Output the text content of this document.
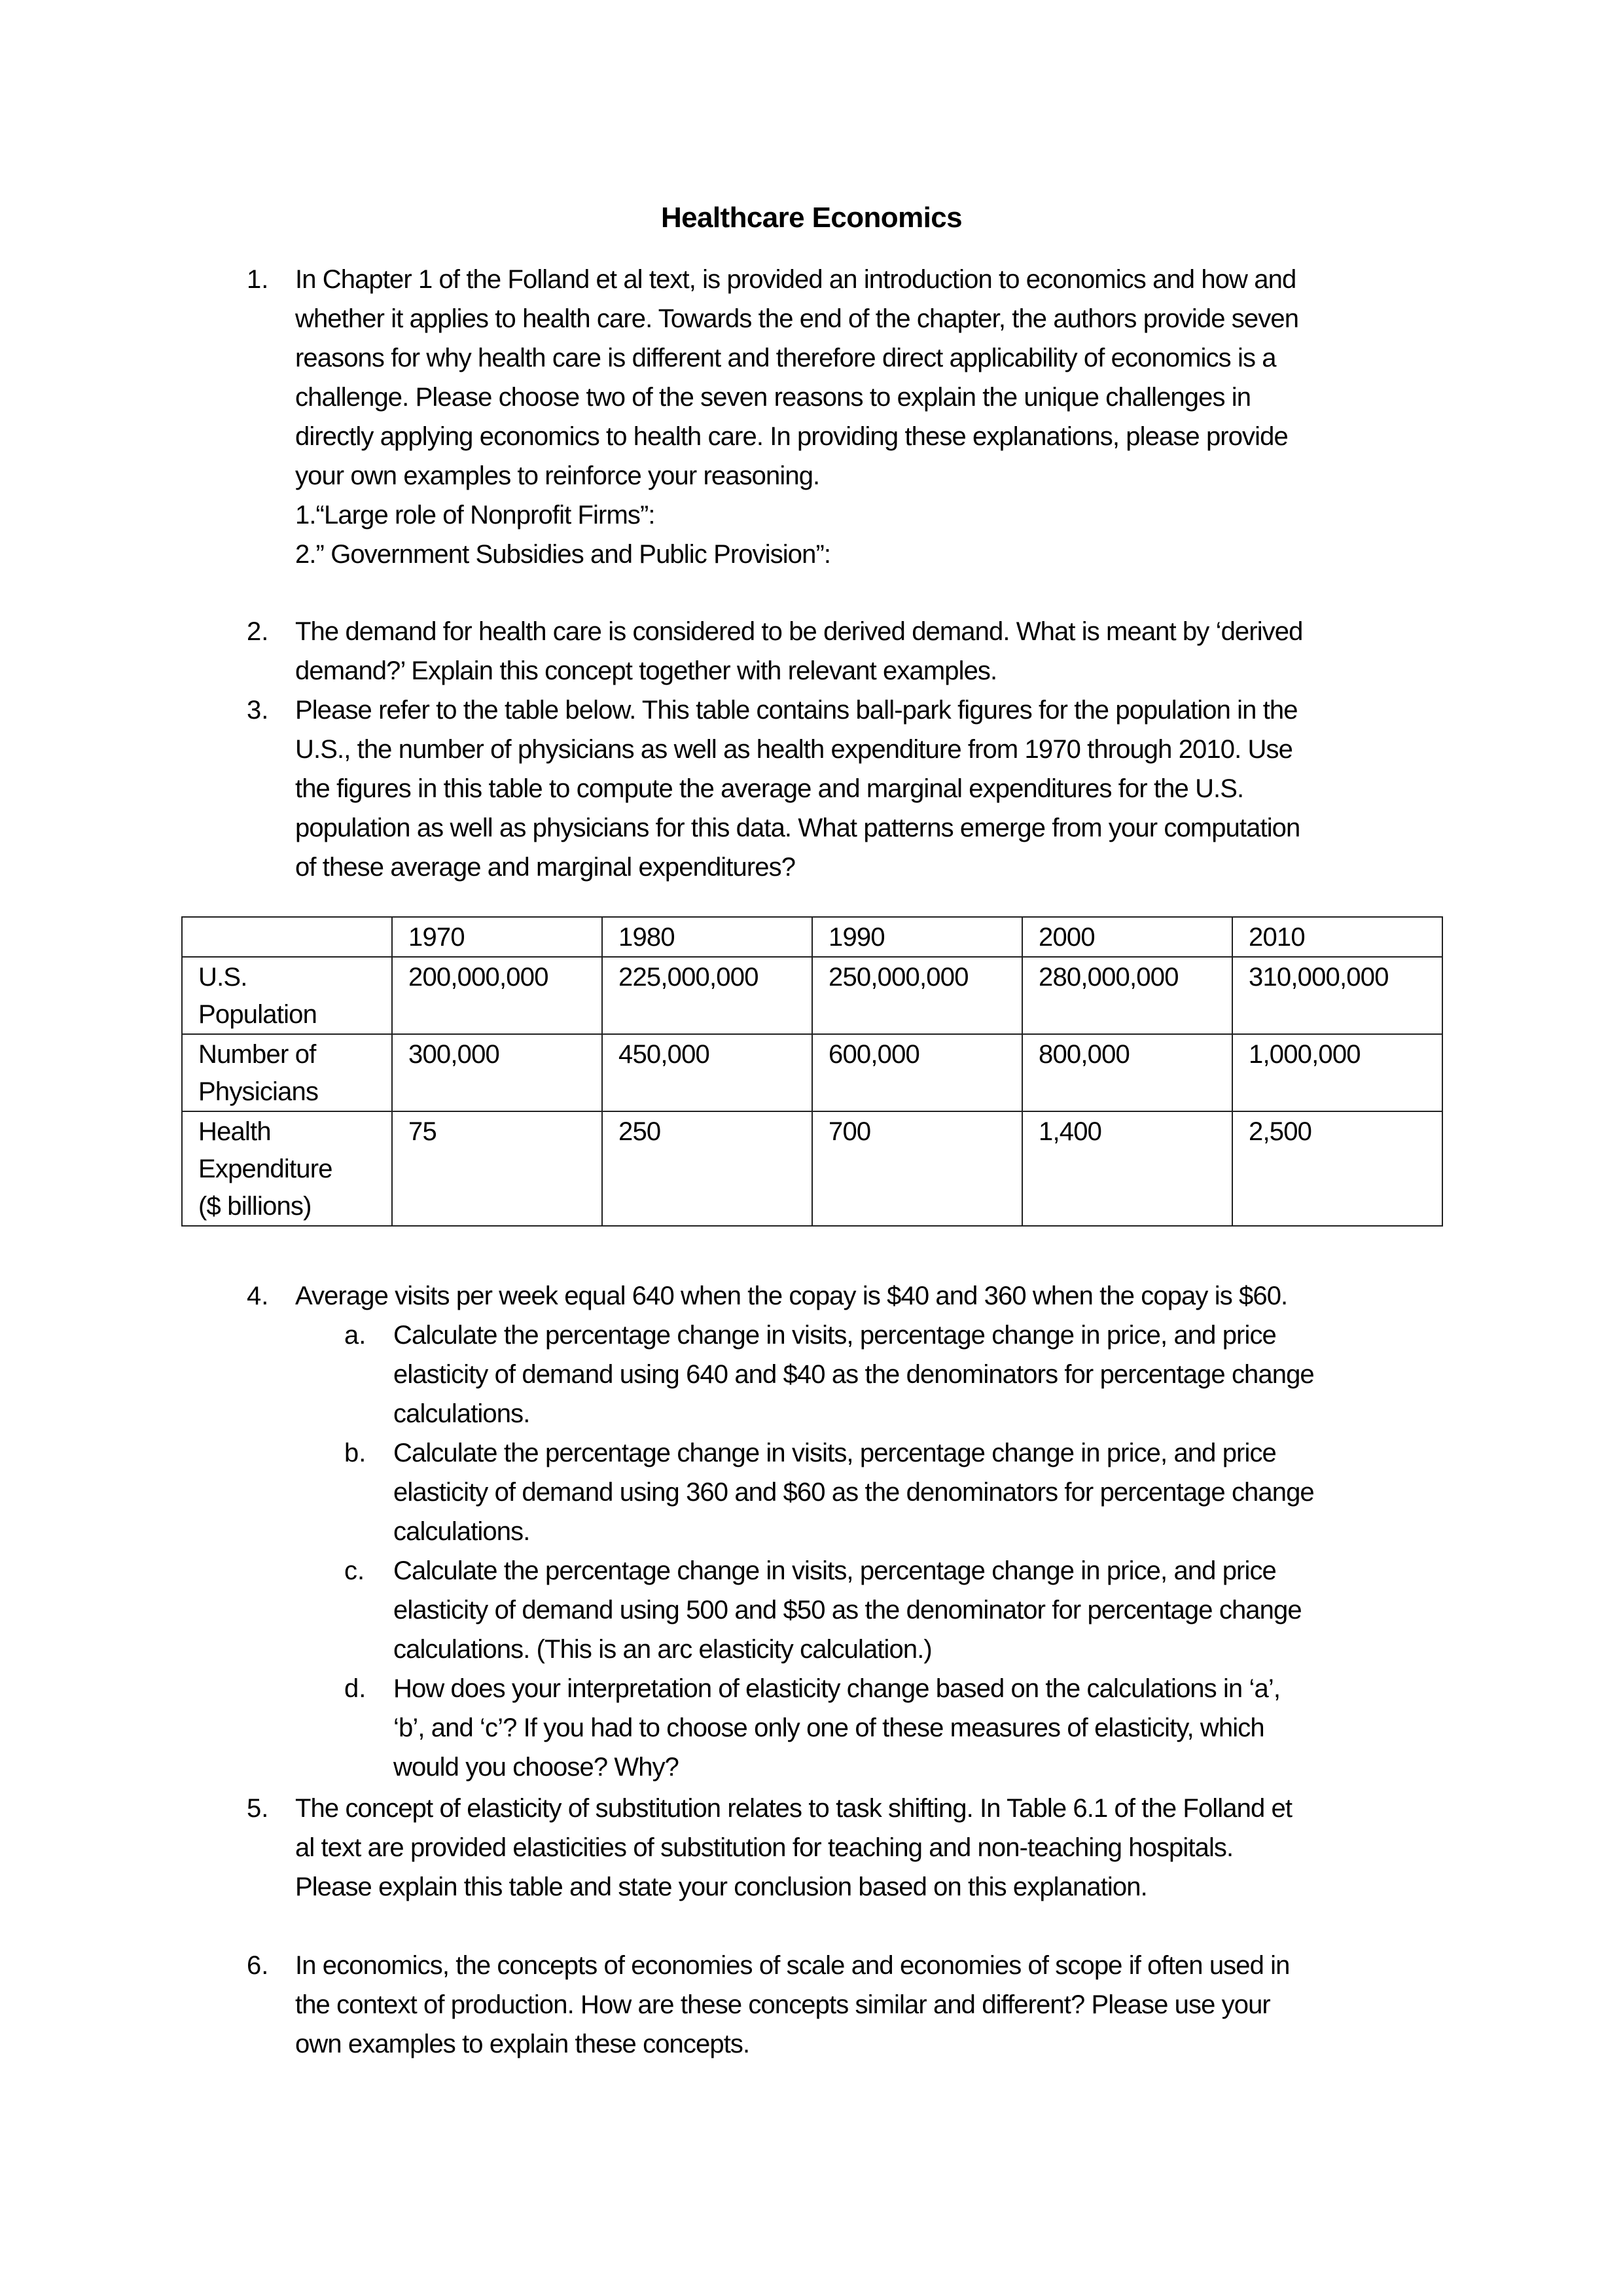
Healthcare Economics
1. In Chapter 1 of the Folland et al text, is provided an introduction to economics and how and
whether it applies to health care. Towards the end of the chapter, the authors provide seven
reasons for why health care is different and therefore direct applicability of economics is a
challenge. Please choose two of the seven reasons to explain the unique challenges in
directly applying economics to health care. In providing these explanations, please provide
your own examples to reinforce your reasoning.
1.“Large role of Nonprofit Firms”:
2.” Government Subsidies and Public Provision”:
2. The demand for health care is considered to be derived demand. What is meant by ‘derived
demand?’ Explain this concept together with relevant examples.
3. Please refer to the table below. This table contains ball-park figures for the population in the
U.S., the number of physicians as well as health expenditure from 1970 through 2010. Use
the figures in this table to compute the average and marginal expenditures for the U.S.
population as well as physicians for this data. What patterns emerge from your computation
of these average and marginal expenditures?
	1970	1980	1990	2000	2010

U.S.
Population	200,000,000	225,000,000	250,000,000	280,000,000	310,000,000

Number of
Physicians	300,000	450,000	600,000	800,000	1,000,000

Health
Expenditure
($ billions)	75	250	700	1,400	2,500
4. Average visits per week equal 640 when the copay is $40 and 360 when the copay is $60.
a. Calculate the percentage change in visits, percentage change in price, and price
elasticity of demand using 640 and $40 as the denominators for percentage change
calculations.
b. Calculate the percentage change in visits, percentage change in price, and price
elasticity of demand using 360 and $60 as the denominators for percentage change
calculations.
c. Calculate the percentage change in visits, percentage change in price, and price
elasticity of demand using 500 and $50 as the denominator for percentage change
calculations. (This is an arc elasticity calculation.)
d. How does your interpretation of elasticity change based on the calculations in ‘a’,
‘b’, and ‘c’? If you had to choose only one of these measures of elasticity, which
would you choose? Why?
5. The concept of elasticity of substitution relates to task shifting. In Table 6.1 of the Folland et
al text are provided elasticities of substitution for teaching and non-teaching hospitals.
Please explain this table and state your conclusion based on this explanation.
6. In economics, the concepts of economies of scale and economies of scope if often used in
the context of production. How are these concepts similar and different? Please use your
own examples to explain these concepts.
